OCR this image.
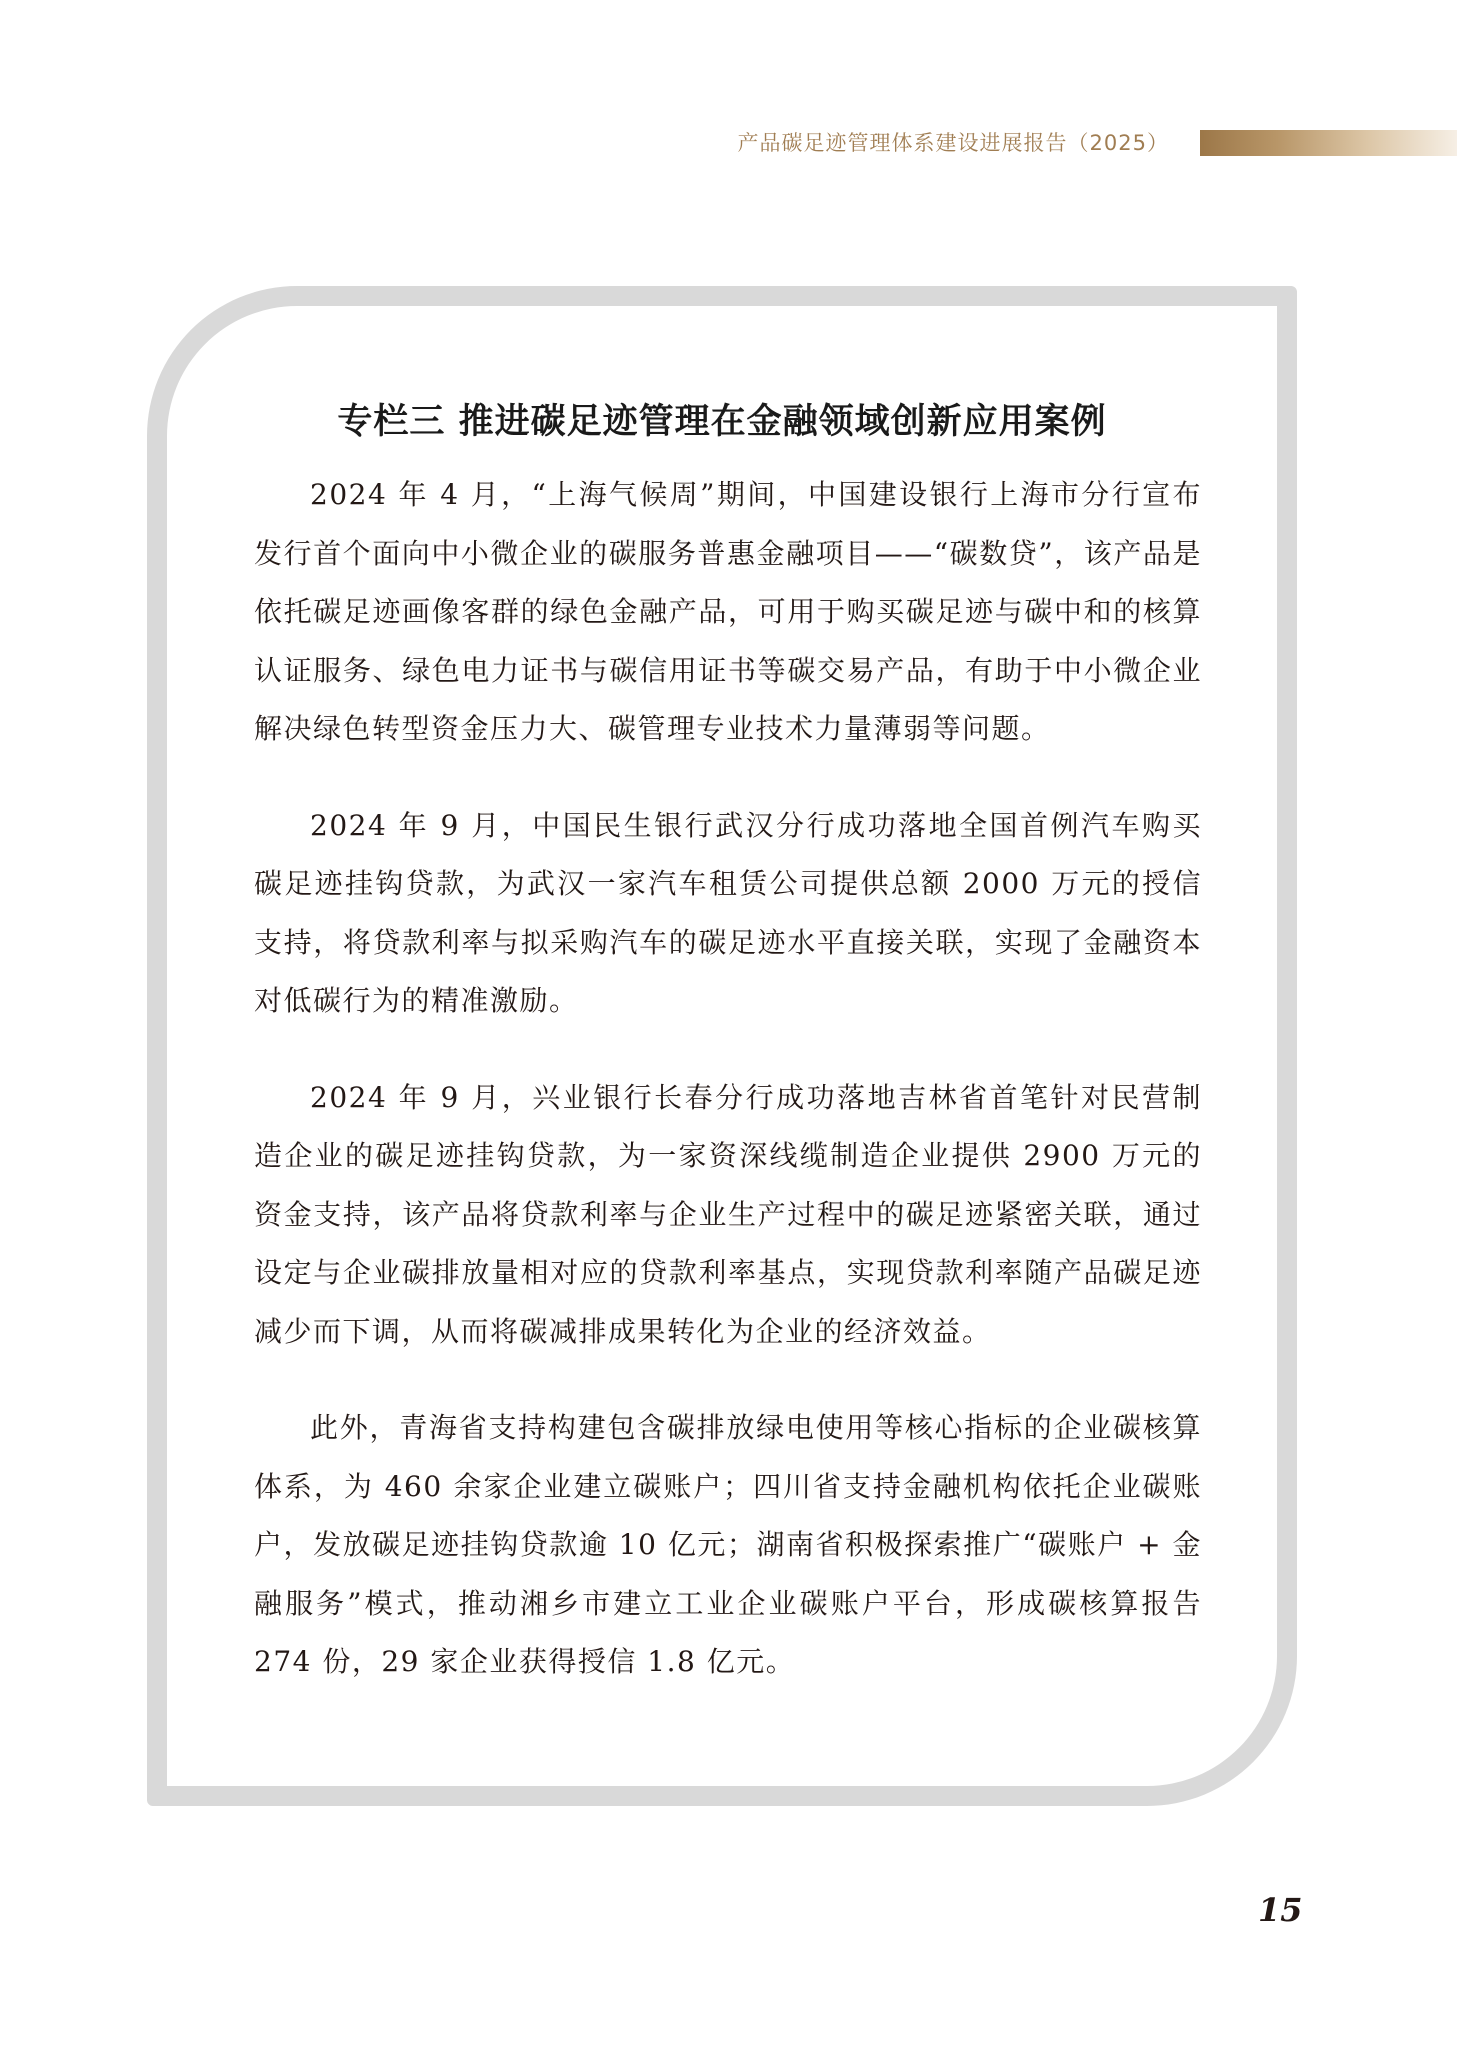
产品碳足迹管理体系建设进展报告（2025）
专栏三 推进碳足迹管理在金融领域创新应用案例

2024 年 4 月，“上海气候周”期间，中国建设银行上海市分行宣布发行首个面向中小微企业的碳服务普惠金融项目——“碳数贷”，该产品是依托碳足迹画像客群的绿色金融产品，可用于购买碳足迹与碳中和的核算认证服务、绿色电力证书与碳信用证书等碳交易产品，有助于中小微企业解决绿色转型资金压力大、碳管理专业技术力量薄弱等问题。

2024 年 9 月，中国民生银行武汉分行成功落地全国首例汽车购买碳足迹挂钩贷款，为武汉一家汽车租赁公司提供总额 2000 万元的授信支持，将贷款利率与拟采购汽车的碳足迹水平直接关联，实现了金融资本对低碳行为的精准激励。

2024 年 9 月，兴业银行长春分行成功落地吉林省首笔针对民营制造企业的碳足迹挂钩贷款，为一家资深线缆制造企业提供 2900 万元的资金支持，该产品将贷款利率与企业生产过程中的碳足迹紧密关联，通过设定与企业碳排放量相对应的贷款利率基点，实现贷款利率随产品碳足迹减少而下调，从而将碳减排成果转化为企业的经济效益。

此外，青海省支持构建包含碳排放绿电使用等核心指标的企业碳核算体系，为 460 余家企业建立碳账户；四川省支持金融机构依托企业碳账户，发放碳足迹挂钩贷款逾 10 亿元；湖南省积极探索推广“碳账户 + 金融服务”模式，推动湘乡市建立工业企业碳账户平台，形成碳核算报告 274 份，29 家企业获得授信 1.8 亿元。

15
